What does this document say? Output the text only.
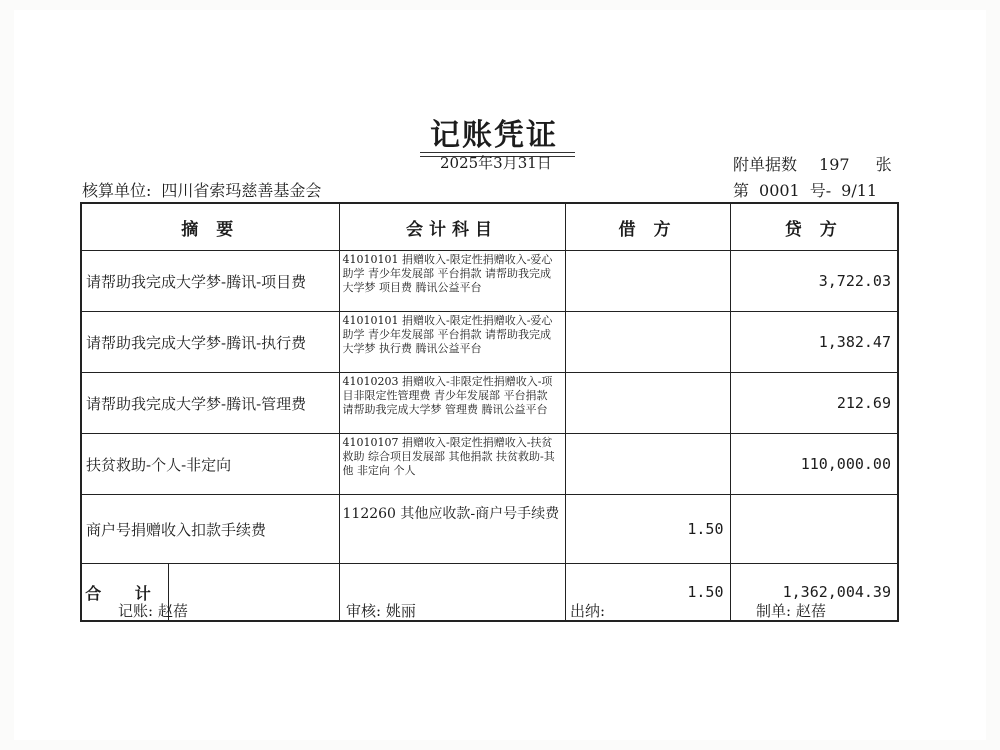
记账凭证
2025年3月31日	附单据数 197 张
核算单位: 四川省索玛慈善基金会	第 0001 号- 9/11
摘 要	会计科目	借 方	贷 方
请帮助我完成大学梦-腾讯-项目费	41010101 捐赠收入-限定性捐赠收入-爱心助学 青少年发展部 平台捐款 请帮助我完成大学梦 项目费 腾讯公益平台		3,722.03
请帮助我完成大学梦-腾讯-执行费	41010101 捐赠收入-限定性捐赠收入-爱心助学 青少年发展部 平台捐款 请帮助我完成大学梦 执行费 腾讯公益平台		1,382.47
请帮助我完成大学梦-腾讯-管理费	41010203 捐赠收入-非限定性捐赠收入-项目非限定性管理费 青少年发展部 平台捐款 请帮助我完成大学梦 管理费 腾讯公益平台		212.69
扶贫救助-个人-非定向	41010107 捐赠收入-限定性捐赠收入-扶贫救助 综合项目发展部 其他捐款 扶贫救助-其他 非定向 个人		110,000.00
商户号捐赠收入扣款手续费	112260 其他应收款-商户号手续费	1.50	

合 计		1.50	1,362,004.39
记账: 赵蓓	审核: 姚丽	出纳:	制单: 赵蓓
